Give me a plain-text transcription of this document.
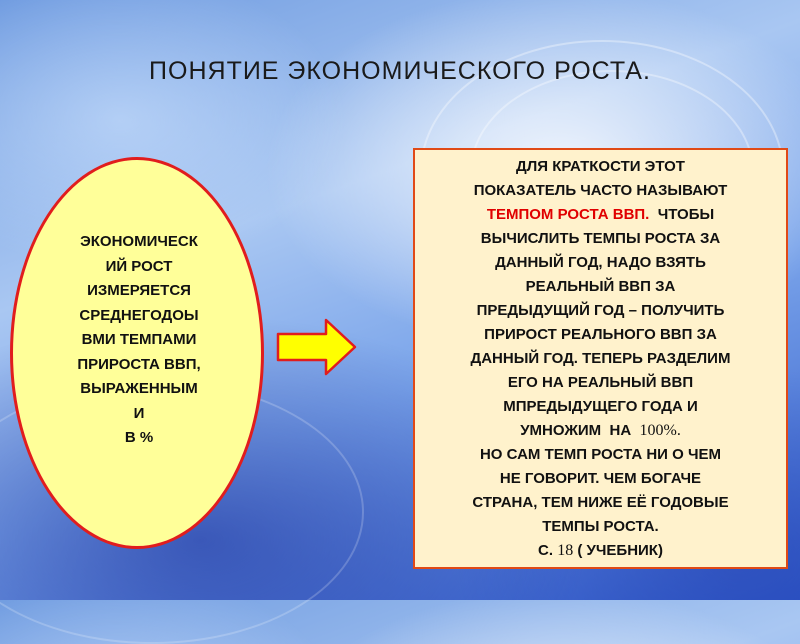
ПОНЯТИЕ ЭКОНОМИЧЕСКОГО РОСТА.
ЭКОНОМИЧЕСК
ИЙ РОСТ
ИЗМЕРЯЕТСЯ
СРЕДНЕГОДОЫ
ВМИ ТЕМПАМИ
ПРИРОСТА ВВП,
ВЫРАЖЕННЫМ
И
В %
ДЛЯ КРАТКОСТИ ЭТОТ
ПОКАЗАТЕЛЬ ЧАСТО НАЗЫВАЮТ
ТЕМПОМ РОСТА ВВП.  ЧТОБЫ
ВЫЧИСЛИТЬ ТЕМПЫ РОСТА ЗА
ДАННЫЙ ГОД, НАДО ВЗЯТЬ
РЕАЛЬНЫЙ ВВП ЗА
ПРЕДЫДУЩИЙ ГОД – ПОЛУЧИТЬ
ПРИРОСТ РЕАЛЬНОГО ВВП ЗА
ДАННЫЙ ГОД. ТЕПЕРЬ РАЗДЕЛИМ
ЕГО НА РЕАЛЬНЫЙ ВВП
МПРЕДЫДУЩЕГО ГОДА И
УМНОЖИМ  НА  100%.
НО САМ ТЕМП РОСТА НИ О ЧЕМ
НЕ ГОВОРИТ. ЧЕМ БОГАЧЕ
СТРАНА, ТЕМ НИЖЕ ЕЁ ГОДОВЫЕ
ТЕМПЫ РОСТА.
С. 18 ( УЧЕБНИК)
